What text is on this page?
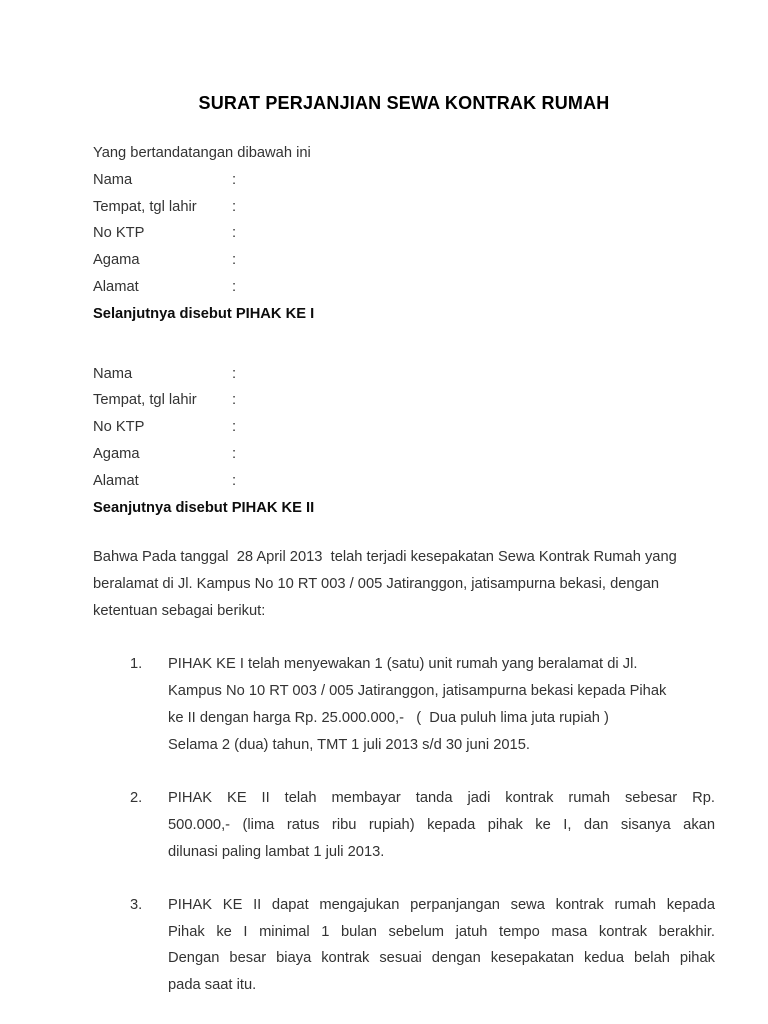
SURAT PERJANJIAN SEWA KONTRAK RUMAH
Yang bertandatangan dibawah ini
Nama	:
Tempat, tgl lahir	:
No KTP	:
Agama	:
Alamat	:
Selanjutnya disebut PIHAK KE I
Nama	:
Tempat, tgl lahir	:
No KTP	:
Agama	:
Alamat	:
Seanjutnya disebut PIHAK KE II
Bahwa Pada tanggal  28 April 2013  telah terjadi kesepakatan Sewa Kontrak Rumah yang
beralamat di Jl. Kampus No 10 RT 003 / 005 Jatiranggon, jatisampurna bekasi, dengan
ketentuan sebagai berikut:
1.	PIHAK KE I telah menyewakan 1 (satu) unit rumah yang beralamat di Jl.
Kampus No 10 RT 003 / 005 Jatiranggon, jatisampurna bekasi kepada Pihak
ke II dengan harga Rp. 25.000.000,-   (  Dua puluh lima juta rupiah )
Selama 2 (dua) tahun, TMT 1 juli 2013 s/d 30 juni 2015.
2.	PIHAK KE II telah membayar tanda jadi kontrak rumah sebesar Rp.
500.000,- (lima ratus ribu rupiah) kepada pihak ke I, dan sisanya akan
dilunasi paling lambat 1 juli 2013.
3.	PIHAK KE II dapat mengajukan perpanjangan sewa kontrak rumah kepada
Pihak ke I minimal 1 bulan sebelum jatuh tempo masa kontrak berakhir.
Dengan besar biaya kontrak sesuai dengan kesepakatan kedua belah pihak
pada saat itu.
